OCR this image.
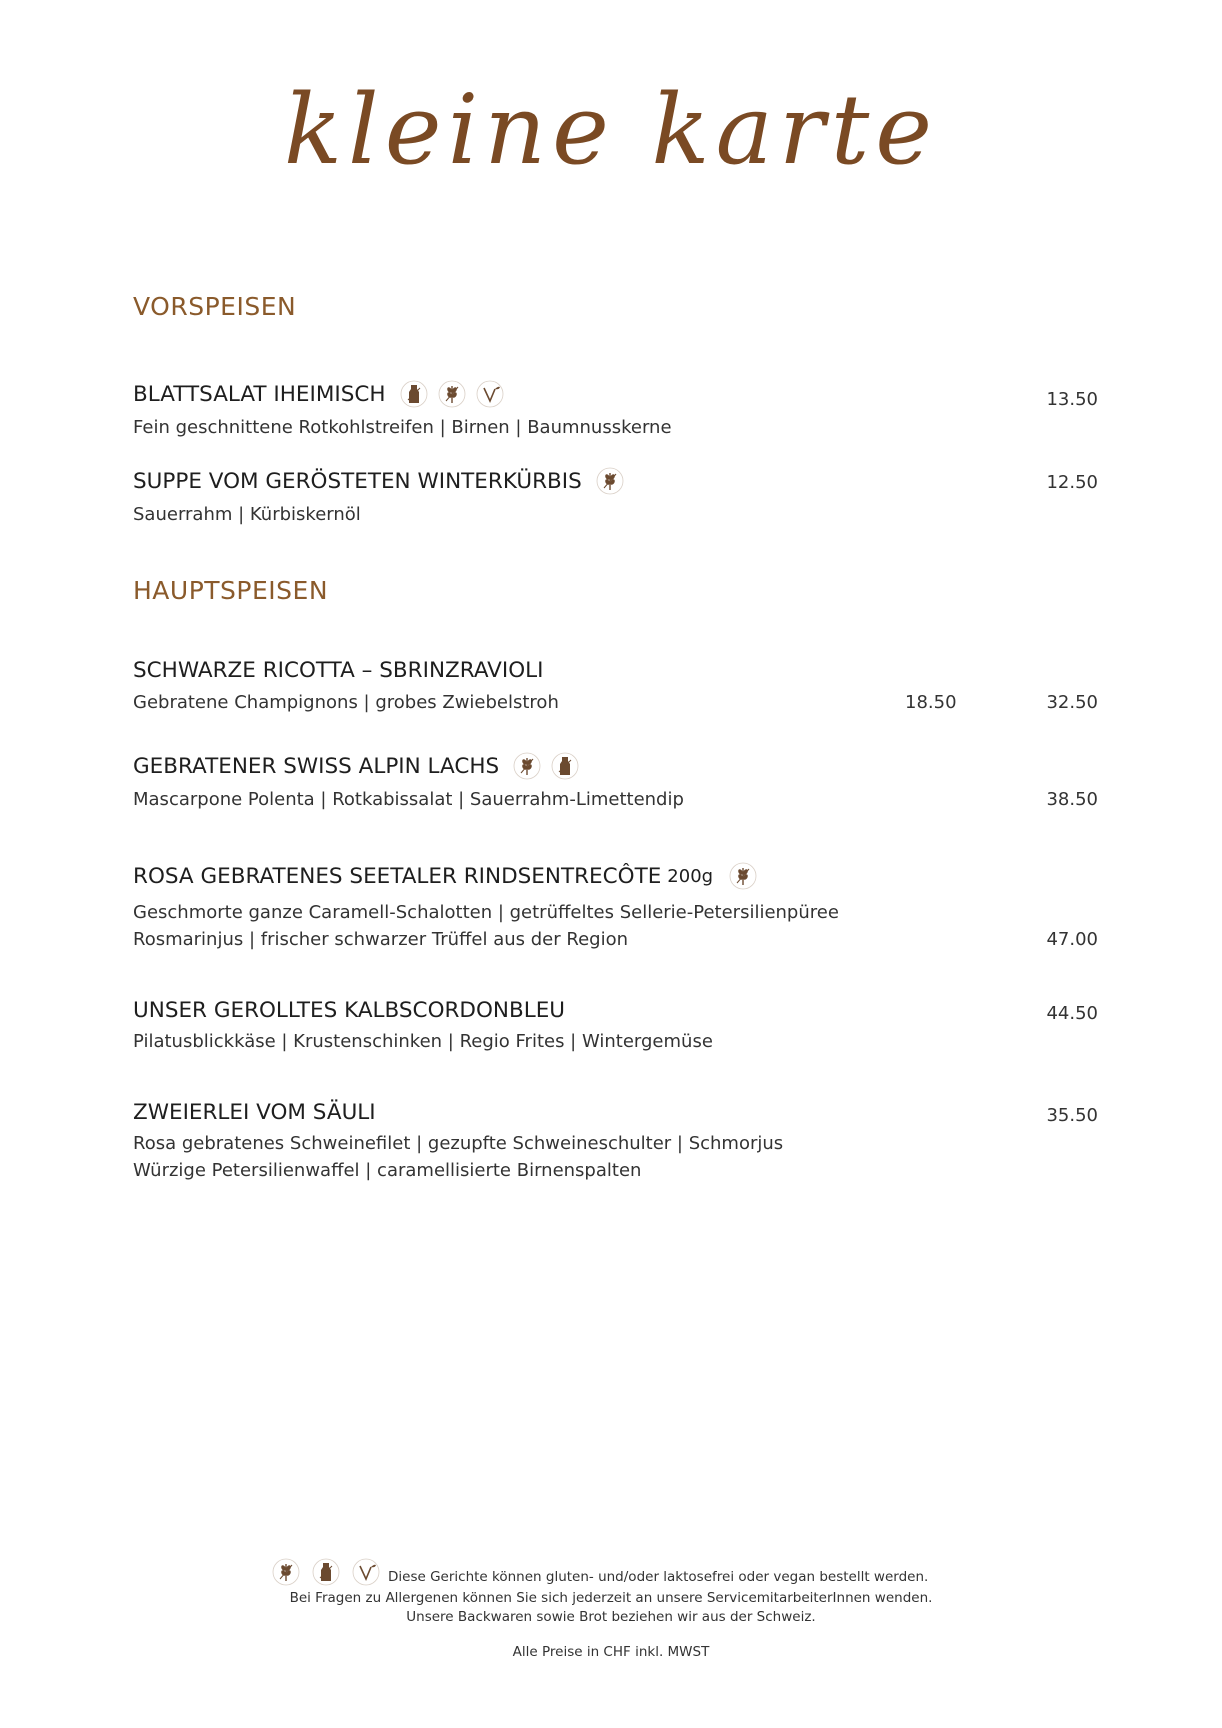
kleine karte
VORSPEISEN
BLATTSALAT IHEIMISCH	13.50
Fein geschnittene Rotkohlstreifen | Birnen | Baumnusskerne
SUPPE VOM GERÖSTETEN WINTERKÜRBIS	12.50
Sauerrahm | Kürbiskernöl
HAUPTSPEISEN
SCHWARZE RICOTTA – SBRINZRAVIOLI
Gebratene Champignons | grobes Zwiebelstroh	18.50	32.50
GEBRATENER SWISS ALPIN LACHS
Mascarpone Polenta | Rotkabissalat | Sauerrahm-Limettendip	38.50
ROSA GEBRATENES SEETALER RINDSENTRECÔTE 200g
Geschmorte ganze Caramell-Schalotten | getrüffeltes Sellerie-Petersilienpüree
Rosmarinjus | frischer schwarzer Trüffel aus der Region	47.00
UNSER GEROLLTES KALBSCORDONBLEU	44.50
Pilatusblickkäse | Krustenschinken | Regio Frites | Wintergemüse
ZWEIERLEI VOM SÄULI	35.50
Rosa gebratenes Schweinefilet | gezupfte Schweineschulter | Schmorjus
Würzige Petersilienwaffel | caramellisierte Birnenspalten
Diese Gerichte können gluten- und/oder laktosefrei oder vegan bestellt werden.
Bei Fragen zu Allergenen können Sie sich jederzeit an unsere ServicemitarbeiterInnen wenden.
Unsere Backwaren sowie Brot beziehen wir aus der Schweiz.
Alle Preise in CHF inkl. MWST
